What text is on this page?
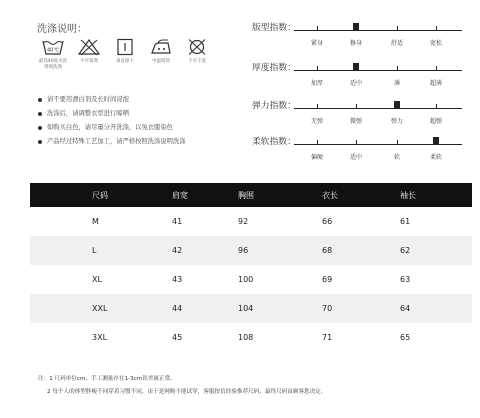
洗涤说明：
40℃
最高40度水洗
常规洗涤
不可氯漂	垂直晾干	中温熨烫	不可干洗
请不要用漂白剂及长时间浸泡
洗涤后，请调整衣型进行晾晒
如购买白色，请尽量分开洗涤，以免衣服染色
产品经过特殊工艺加工，请严格按照洗涤说明洗涤
版型指数：
紧身	修身	舒适	宽松
厚度指数：
加厚	适中	薄	超薄
弹力指数：
无弹	微弹	弹力	超弹
柔软指数：
偏硬	适中	软	柔软
尺码	肩宽	胸围	衣长	袖长
M	41	92	66	61
L	42	96	68	62
XL	43	100	69	63
XXL	44	104	70	64
3XL	45	108	71	65
注：1 尺码单位cm，手工测量存在1-3cm误差属正常。
2 每个人的体型胖瘦不同穿着习惯不同，由于是网购不能试穿，客服按信经验推荐尺码，最终尺码由顾客您决定。
